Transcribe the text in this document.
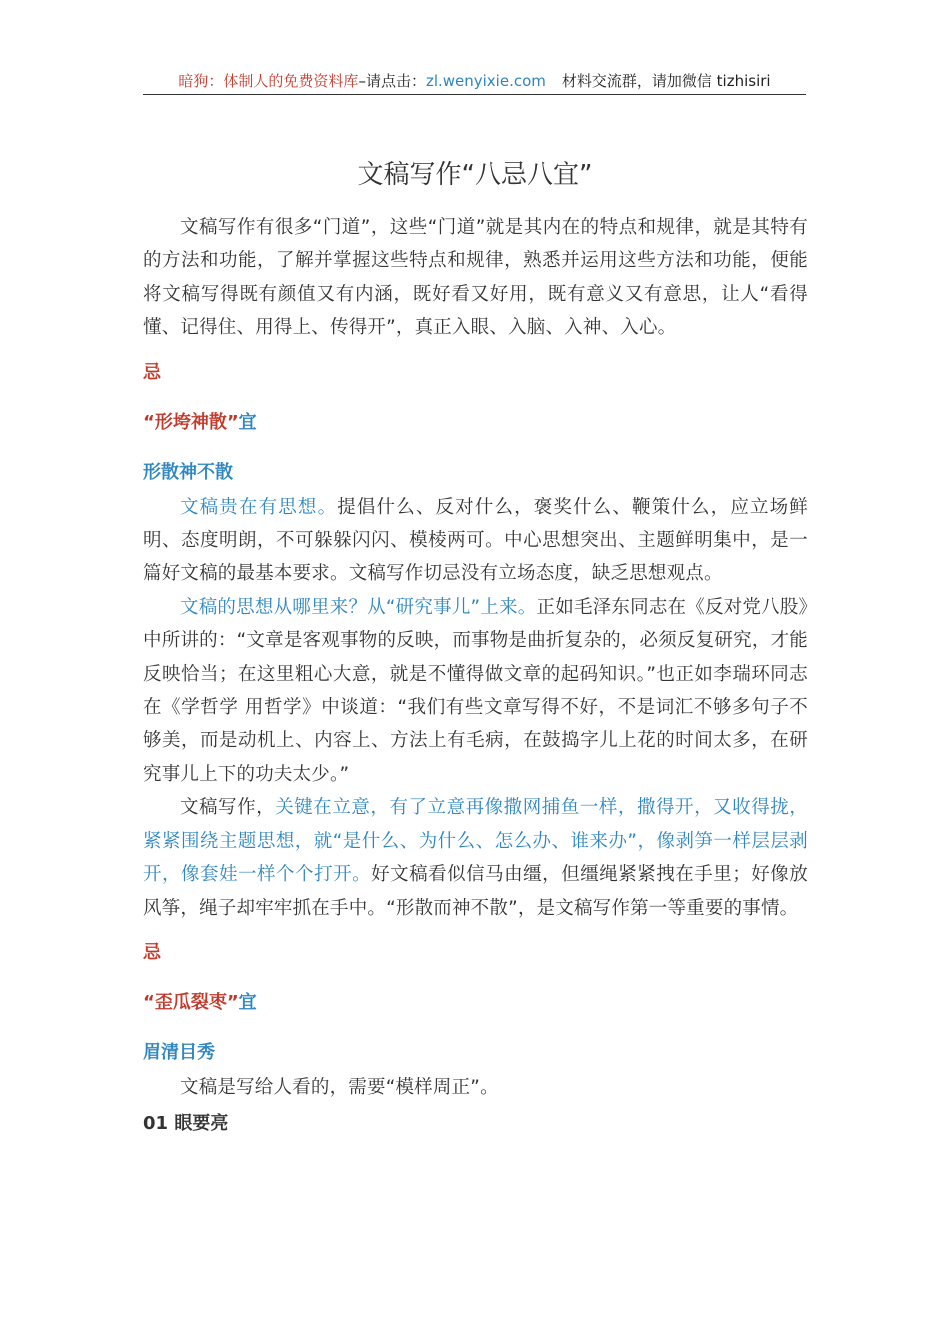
暗狗：体制人的免费资料库–请点击：zl.wenyixie.com 材料交流群，请加微信 tizhisiri
文稿写作“八忌八宜”

文稿写作有很多“门道”，这些“门道”就是其内在的特点和规律，就是其特有的方法和功能，了解并掌握这些特点和规律，熟悉并运用这些方法和功能，便能将文稿写得既有颜值又有内涵，既好看又好用，既有意义又有意思，让人“看得懂、记得住、用得上、传得开”，真正入眼、入脑、入神、入心。

忌

“形垮神散”宜

形散神不散

文稿贵在有思想。提倡什么、反对什么，褒奖什么、鞭策什么，应立场鲜明、态度明朗，不可躲躲闪闪、模棱两可。中心思想突出、主题鲜明集中，是一篇好文稿的最基本要求。文稿写作切忌没有立场态度，缺乏思想观点。

文稿的思想从哪里来？从“研究事儿”上来。正如毛泽东同志在《反对党八股》中所讲的：“文章是客观事物的反映，而事物是曲折复杂的，必须反复研究，才能反映恰当；在这里粗心大意，就是不懂得做文章的起码知识。”也正如李瑞环同志在《学哲学 用哲学》中谈道：“我们有些文章写得不好，不是词汇不够多句子不够美，而是动机上、内容上、方法上有毛病，在鼓捣字儿上花的时间太多，在研究事儿上下的功夫太少。”

文稿写作，关键在立意，有了立意再像撒网捕鱼一样，撒得开，又收得拢，紧紧围绕主题思想，就“是什么、为什么、怎么办、谁来办”，像剥笋一样层层剥开，像套娃一样个个打开。好文稿看似信马由缰，但缰绳紧紧拽在手里；好像放风筝，绳子却牢牢抓在手中。“形散而神不散”，是文稿写作第一等重要的事情。

忌

“歪瓜裂枣”宜

眉清目秀

文稿是写给人看的，需要“模样周正”。

01 眼要亮
